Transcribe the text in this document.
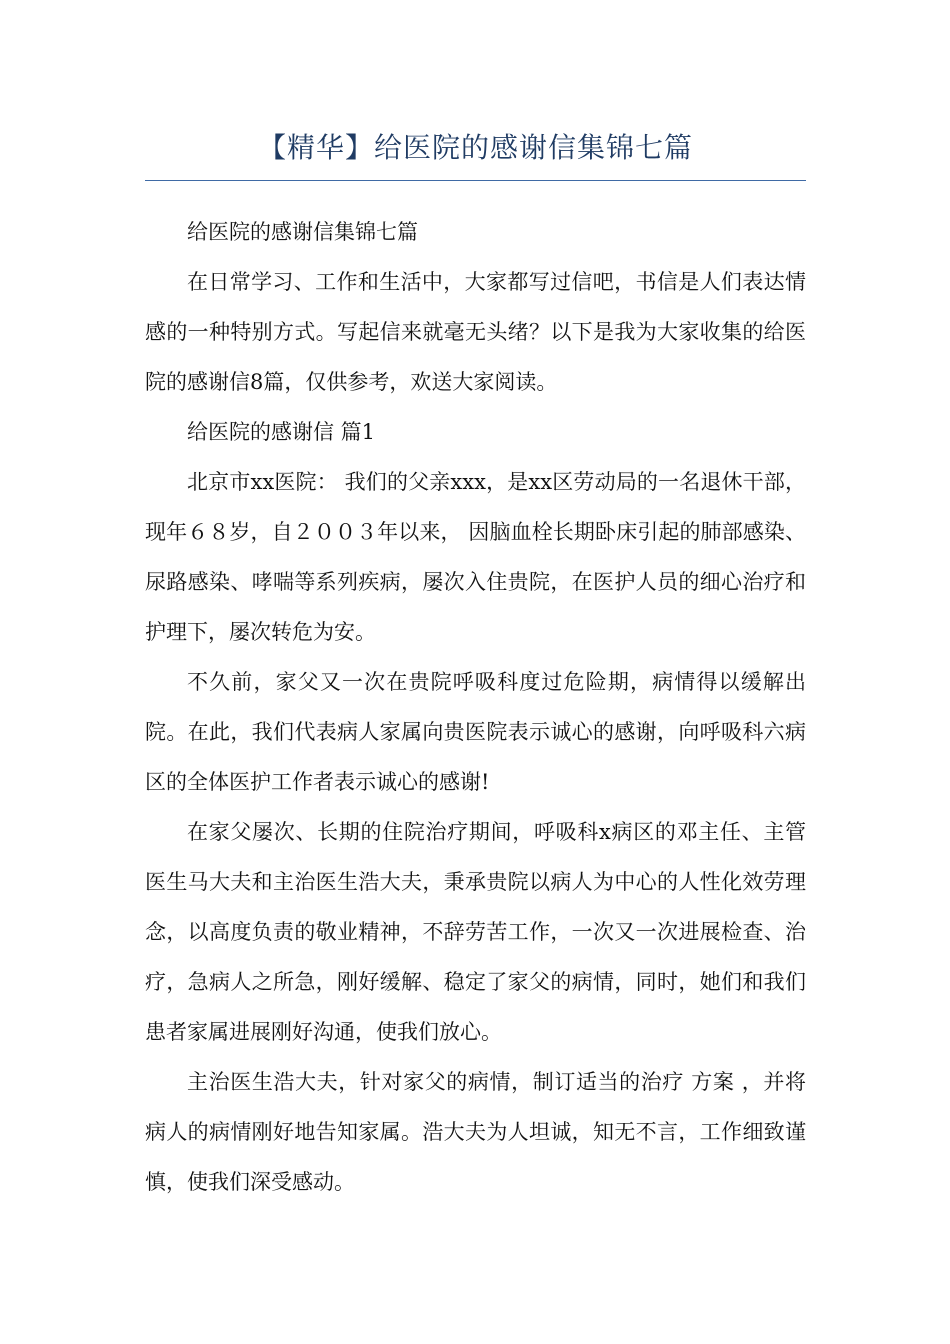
【精华】给医院的感谢信集锦七篇

给医院的感谢信集锦七篇

在日常学习、工作和生活中，大家都写过信吧，书信是人们表达情感的一种特别方式。写起信来就毫无头绪？以下是我为大家收集的给医院的感谢信8篇，仅供参考，欢送大家阅读。

给医院的感谢信 篇1

北京市xx医院： 我们的父亲xxx，是xx区劳动局的一名退休干部，现年６８岁，自２００３年以来， 因脑血栓长期卧床引起的肺部感染、尿路感染、哮喘等系列疾病，屡次入住贵院，在医护人员的细心治疗和护理下，屡次转危为安。

不久前，家父又一次在贵院呼吸科度过危险期，病情得以缓解出院。在此，我们代表病人家属向贵医院表示诚心的感谢，向呼吸科六病区的全体医护工作者表示诚心的感谢!

在家父屡次、长期的住院治疗期间，呼吸科x病区的邓主任、主管医生马大夫和主治医生浩大夫，秉承贵院以病人为中心的人性化效劳理念，以高度负责的敬业精神，不辞劳苦工作，一次又一次进展检查、治疗，急病人之所急，刚好缓解、稳定了家父的病情，同时，她们和我们患者家属进展刚好沟通，使我们放心。

主治医生浩大夫，针对家父的病情，制订适当的治疗 方案 ，并将病人的病情刚好地告知家属。浩大夫为人坦诚，知无不言，工作细致谨慎，使我们深受感动。
